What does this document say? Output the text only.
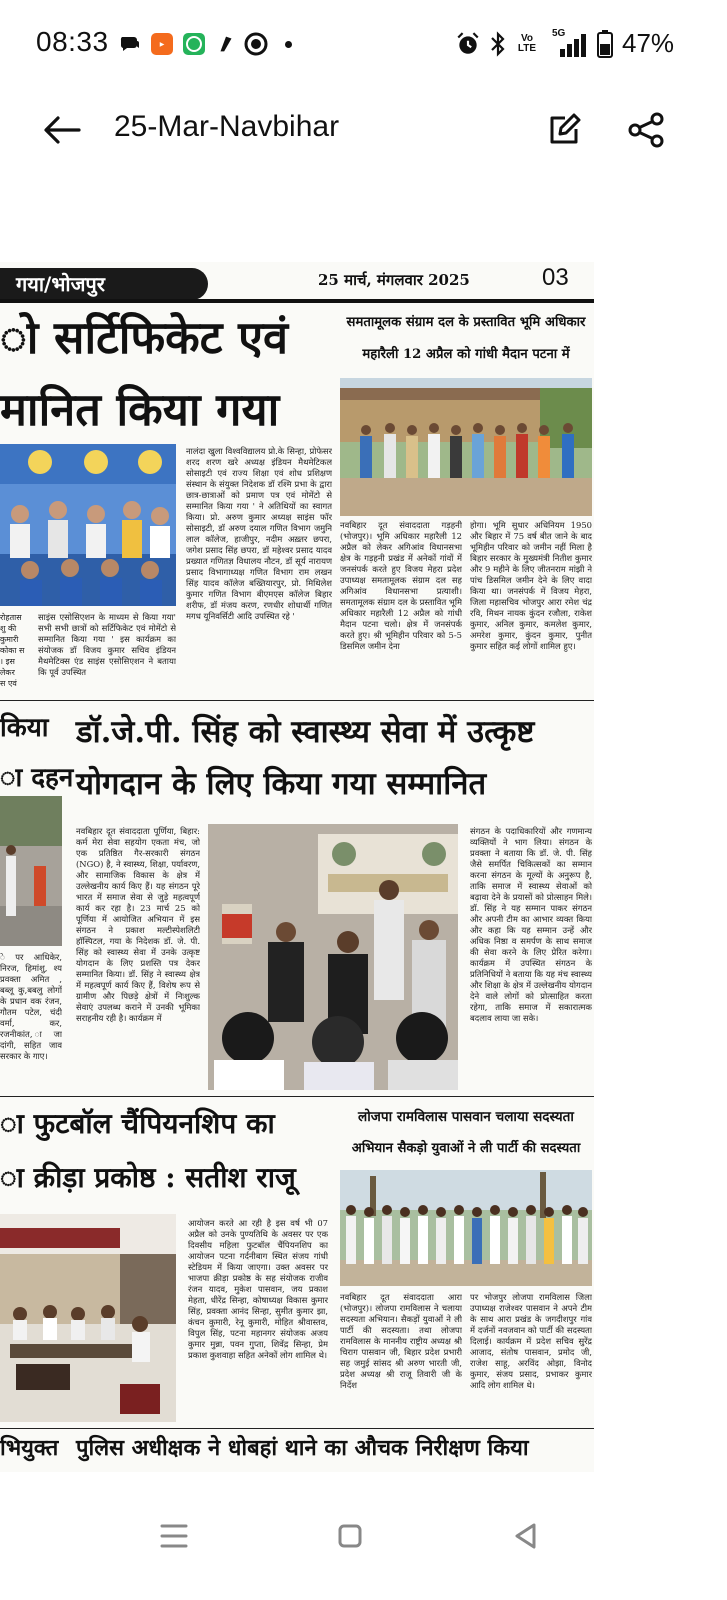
08:33	▶	Vo
LTE
5G 47%
25-Mar-Navbihar
गया/भोजपुर	25 मार्च, मंगलवार 2025	03
ो सर्टिफिकेट एवं
मानित किया गया
रोहतास
शु की
कुमारी
कोका स
। इस
लेकर
स एवं
साइंस एसोसिएशन के माध्यम से किया गया' सभी सभी छात्रों को सर्टिफिकेट एवं मोमेंटो से सम्मानित किया गया ' इस कार्यक्रम का संयोजक डॉ विजय कुमार सचिव इंडियन मैथमेटिक्स एंड साइंस एसोसिएशन ने बताया कि पूर्व उपस्थित
नालंदा खुला विश्वविद्यालय प्रो.के सिन्हा, प्रोफेसर शरद शरण खरे अध्यक्ष इंडियन मैथमेटिकल सोसाइटी एवं राज्य शिक्षा एवं शोध प्रशिक्षण संस्थान के संयुक्त निदेशक डॉ रश्मि प्रभा के द्वारा छात्र-छात्राओं को प्रमाण पत्र एवं मोमेंटो से सम्मानित किया गया ' ने अतिथियों का स्वागत किया। प्रो. अरुण कुमार अध्यक्ष साइंस फॉर सोसाइटी, डॉ अरुण दयाल गणित विभाग जमुनि लाल कॉलेज, हाजीपुर, नदीम अख़्तर छपरा, जगेश प्रसाद सिंह छपरा, डॉ महेश्वर प्रसाद यादव प्रख्यात गणितज्ञ विधालय नौटन, डॉ सूर्य नारायण प्रसाद विभागाध्यक्ष गणित विभाग राम लखन सिंह यादव कॉलेज बख्तियारपुर, प्रो. मिथिलेश कुमार गणित विभाग बीएमएस कॉलेज बिहार शरीफ, डॉ मंजय करण, रणधीर शोधार्थी गणित मगध यूनिवर्सिटी आदि उपस्थित रहे '
समतामूलक संग्राम दल के प्रस्तावित भूमि अधिकार
महारैली 12 अप्रैल को गांधी मैदान पटना में
नवबिहार दूत संवाददाता गड़हनी (भोजपुर)। भूमि अधिकार महारैली 12 अप्रैल को लेकर अगिआंव विधानसभा क्षेत्र के गड़हनी प्रखंड में अनेकों गांवों में जनसंपर्क करते हुए विजय मेहरा प्रदेश उपाध्यक्ष समतामूलक संग्राम दल सह अगिआंव विधानसभा प्रत्याशी। समतामूलक संग्राम दल के प्रस्तावित भूमि अधिकार महारैली 12 अप्रैल को गांधी मैदान पटना चलो। क्षेत्र में जनसंपर्क करते हुए। श्री भूमिहीन परिवार को 5-5 डिसमिल जमीन देना
होगा। भूमि सुधार अधिनियम 1950 और बिहार में 75 वर्ष बीत जाने के बाद भूमिहीन परिवार को जमीन नहीं मिला है बिहार सरकार के मुख्यमंत्री नितीश कुमार और 9 महीने के लिए जीतनराम मांझी ने पांच डिसमिल जमीन देने के लिए वादा किया था। जनसंपर्क में विजय मेहरा, जिला महासचिव भोजपुर आरा रमेश चंद्र रवि, मिथन नायक कुंदन रजौला, राकेश कुमार, अनिल कुमार, कमलेश कुमार, अमरेश कुमार, कुंदन कुमार, पुनीत कुमार सहित कई लोगों शामिल हुए।
किया
ा दहन
डॉ.जे.पी. सिंह को स्वास्थ्य सेवा में उत्कृष्ट
योगदान के लिए किया गया सम्मानित
े पर आधिकेर, निरज, हिमांशु, श्य प्रवक्ता अमित , बब्लू कु,बबलु लोगों के प्रधान वक रंजन, गौतम पटेल, चंदी वर्मा, कर, रजनीकांत, ाजा दांगी, सहित जाव सरकार के गाए।
नवबिहार दूत संवाददाता पूर्णिया, बिहार: कर्म मेरा सेवा सहयोग एकता मंच, जो एक प्रतिष्ठित गैर-सरकारी संगठन (NGO) है, ने स्वास्थ्य, शिक्षा, पर्यावरण, और सामाजिक विकास के क्षेत्र में उल्लेखनीय कार्य किए हैं। यह संगठन पूरे भारत में समाज सेवा से जुड़े महत्वपूर्ण कार्य कर रहा है। 23 मार्च 25 को पूर्णिया में आयोजित अभियान में इस संगठन ने प्रकाश मल्टीस्पेशलिटी हॉस्पिटल, गया के निदेशक डॉ. जे. पी. सिंह को स्वास्थ्य सेवा में उनके उत्कृष्ट योगदान के लिए प्रशस्ति पत्र देकर सम्मानित किया। डॉ. सिंह ने स्वास्थ्य क्षेत्र में महत्वपूर्ण कार्य किए हैं, विशेष रूप से ग्रामीण और पिछड़े क्षेत्रों में निःशुल्क सेवाएं उपलब्ध कराने में उनकी भूमिका सराहनीय रही है। कार्यक्रम में
संगठन के पदाधिकारियों और गणमान्य व्यक्तियों ने भाग लिया। संगठन के प्रवक्ता ने बताया कि डॉ. जे. पी. सिंह जैसे समर्पित चिकित्सकों का सम्मान करना संगठन के मूल्यों के अनुरूप है, ताकि समाज में स्वास्थ्य सेवाओं को बढ़ावा देने के प्रयासों को प्रोत्साहन मिले। डॉ. सिंह ने यह सम्मान पाकर संगठन और अपनी टीम का आभार व्यक्त किया और कहा कि यह सम्मान उन्हें और अधिक निष्ठा व समर्पण के साथ समाज की सेवा करने के लिए प्रेरित करेगा। कार्यक्रम में उपस्थित संगठन के प्रतिनिधियों ने बताया कि यह मंच स्वास्थ्य और शिक्षा के क्षेत्र में उल्लेखनीय योगदान देने वाले लोगों को प्रोत्साहित करता रहेगा, ताकि समाज में सकारात्मक बदलाव लाया जा सके।
ा फुटबॉल चैंपियनशिप का
ा क्रीड़ा प्रकोष्ठ : सतीश राजू
आयोजन करते आ रही है इस वर्ष भी 07 अप्रैल को उनके पुण्यतिथि के अवसर पर एक दिवसीय महिला फुटबॉल चैंपियनशिप का आयोजन पटना गर्दनीबाग स्थित संजय गांधी स्टेडियम में किया जाएगा। उक्त अवसर पर भाजपा क्रीड़ा प्रकोष्ठ के सह संयोजक राजीव रंजन यादव, मुकेश पासवान, जय प्रकाश मेहता, धीरेंद्र सिन्हा, कोषाध्यक्ष विकास कुमार सिंह, प्रवक्ता आनंद सिन्हा, सुमीत कुमार झा, कंचन कुमारी, रेनू कुमारी, मोहित श्रीवास्तव, विपुल सिंह, पटना महानगर संयोजक अजय कुमार मुन्ना, पवन गुप्ता, शिवेंद्र सिन्हा, प्रेम प्रकाश कुशवाहा सहित अनेकों लोग शामिल थे।
लोजपा रामविलास पासवान चलाया सदस्यता
अभियान सैकड़ो युवाओं ने ली पार्टी की सदस्यता
नवबिहार दूत संवाददाता आरा (भोजपुर)। लोजपा रामविलास ने चलाया सदस्यता अभियान। सैकड़ों युवाओं ने ली पार्टी की सदस्यता। तथा लोजपा रामविलास के माननीय राष्ट्रीय अध्यक्ष श्री चिराग पासवान जी, बिहार प्रदेश प्रभारी सह जमुई सांसद श्री अरुण भारती जी, प्रदेश अध्यक्ष श्री राजू तिवारी जी के निर्देश
पर भोजपुर लोजपा रामविलास जिला उपाध्यक्ष राजेश्वर पासवान ने अपने टीम के साथ आरा प्रखंड के जगदीशपुर गांव में दर्जनों नवजवान को पार्टी की सदस्यता दिलाई। कार्यक्रम में प्रदेश सचिव सुरेंद्र आजाद, संतोष पासवान, प्रमोद जी, राजेश साहू, अरविंद ओझा, विनोद कुमार, संजय प्रसाद, प्रभाकर कुमार आदि लोग शामिल थे।
भियुक्त पुलिस अधीक्षक ने धोबहां थाने का औचक निरीक्षण किया
